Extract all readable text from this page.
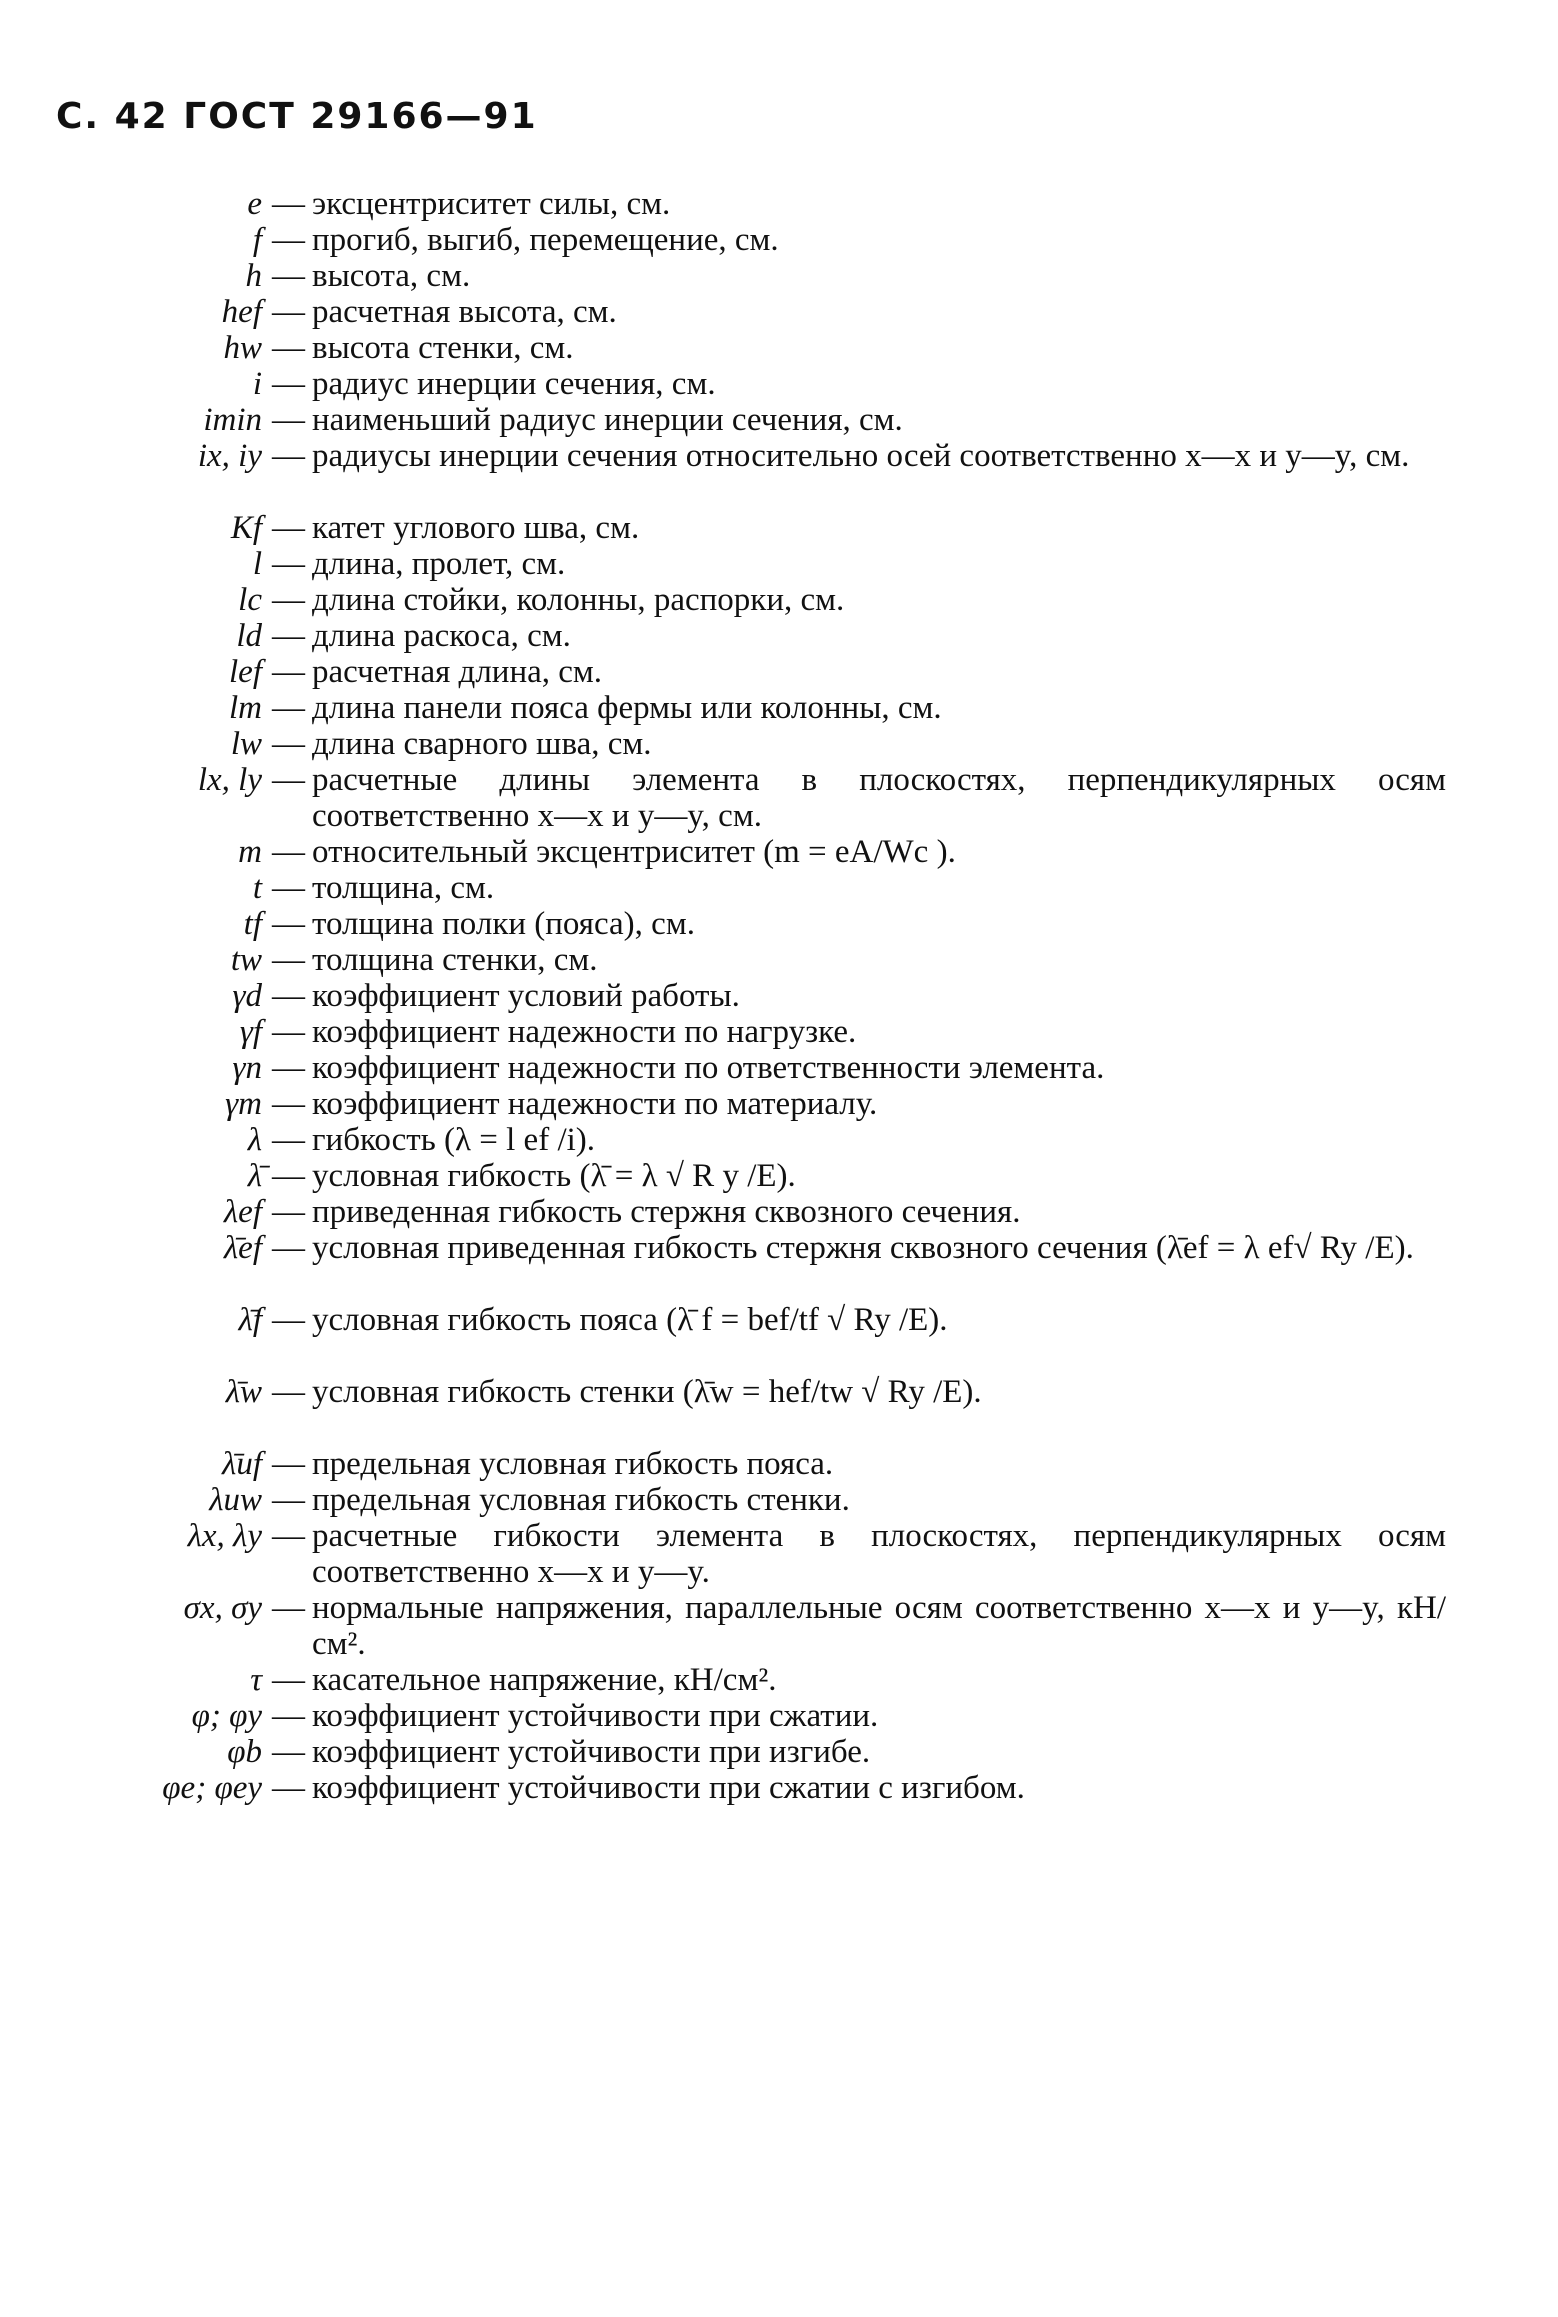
С. 42 ГОСТ 29166—91
e — эксцентриситет силы, см.
f — прогиб, выгиб, перемещение, см.
h — высота, см.
hef — расчетная высота, см.
hw — высота стенки, см.
i — радиус инерции сечения, см.
imin — наименьший радиус инерции сечения, см.
ix, iy — радиусы инерции сечения относительно осей соответственно x—x и y—y, см.
Kf — катет углового шва, см.
l — длина, пролет, см.
lc — длина стойки, колонны, распорки, см.
ld — длина раскоса, см.
lef — расчетная длина, см.
lm — длина панели пояса фермы или колонны, см.
lw — длина сварного шва, см.
lx, ly — расчетные длины элемента в плоскостях, перпендикулярных осям соответственно x—x и y—y, см.
m — относительный эксцентриситет (m = eA/Wc ).
t — толщина, см.
tf — толщина полки (пояса), см.
tw — толщина стенки, см.
γd — коэффициент условий работы.
γf — коэффициент надежности по нагрузке.
γn — коэффициент надежности по ответственности элемента.
γm — коэффициент надежности по материалу.
λ — гибкость (λ = l ef /i).
λ̄ — условная гибкость (λ̄ = λ √ R y /E).
λef — приведенная гибкость стержня сквозного сечения.
λ̄ef — условная приведенная гибкость стержня сквозного сечения (λ̄ef = λ ef√ Ry /E).
λ̄f — условная гибкость пояса (λ̄ f = bef/tf √ Ry /E).
λ̄w — условная гибкость стенки (λ̄w = hef/tw √ Ry /E).
λ̄uf — предельная условная гибкость пояса.
λuw — предельная условная гибкость стенки.
λx, λy — расчетные гибкости элемента в плоскостях, перпендикулярных осям соответственно x—x и y—y.
σx, σy — нормальные напряжения, параллельные осям соответственно x—x и y—y, кН/см².
τ — касательное напряжение, кН/см².
φ; φy — коэффициент устойчивости при сжатии.
φb — коэффициент устойчивости при изгибе.
φe; φey — коэффициент устойчивости при сжатии с изгибом.
